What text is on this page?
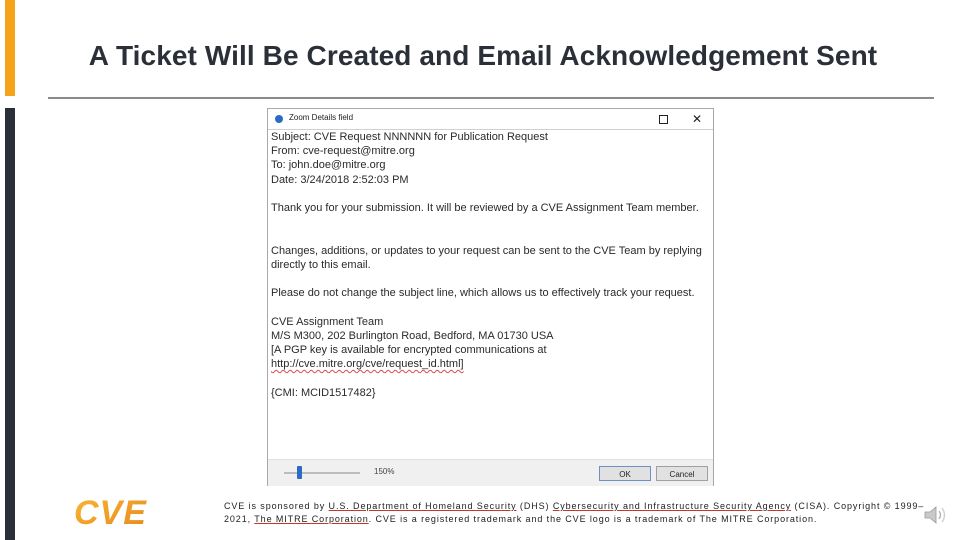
A Ticket Will Be Created and Email Acknowledgement Sent
Zoom Details field	✕

Subject: CVE Request NNNNNN for Publication Request

From: cve-request@mitre.org

To: john.doe@mitre.org

Date: 3/24/2018 2:52:03 PM

Thank you for your submission. It will be reviewed by a CVE Assignment Team member.

Changes, additions, or updates to your request can be sent to the CVE Team by replying

directly to this email.

Please do not change the subject line, which allows us to effectively track your request.

CVE Assignment Team

M/S M300, 202 Burlington Road, Bedford, MA 01730 USA

[A PGP key is available for encrypted communications at

http://cve.mitre.org/cve/request_id.html]

{CMI: MCID1517482}

150%	OK	Cancel
CVE	CVE is sponsored by U.S. Department of Homeland Security (DHS) Cybersecurity and Infrastructure Security Agency (CISA). Copyright © 1999–2021, The MITRE Corporation. CVE is a registered trademark and the CVE logo is a trademark of The MITRE Corporation.
